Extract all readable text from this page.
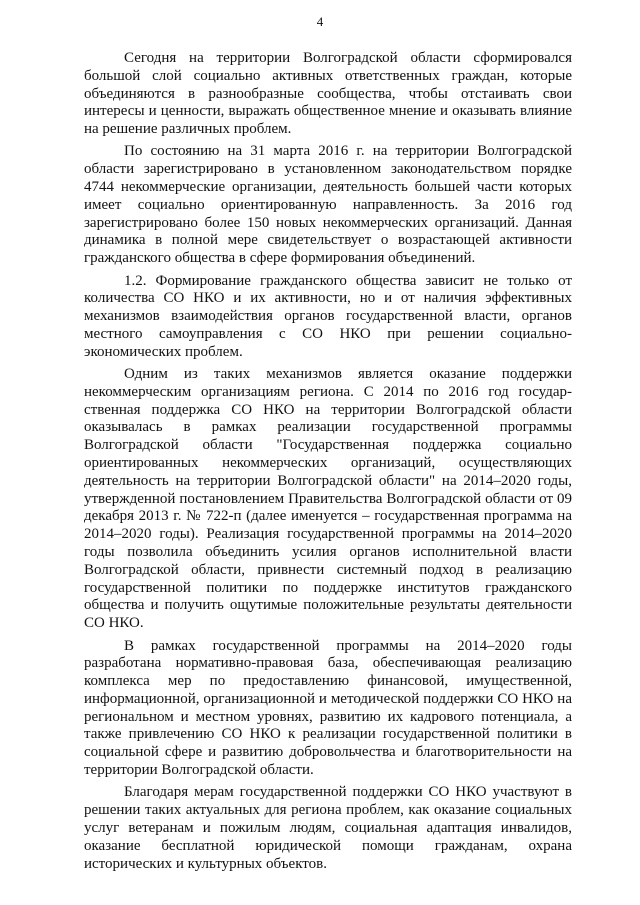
4

Сегодня на территории Волгоградской области сформировался большой слой социально активных ответственных граждан, которые объединяются в разнообразные сообщества, чтобы отстаивать свои интересы и ценности, выражать общественное мнение и оказывать влияние на решение различных проблем.

По состоянию на 31 марта 2016 г. на территории Волгоградской области зарегистрировано в установленном законодательством порядке 4744 некоммерческие организации, деятельность большей части которых имеет социально ориентированную направленность. За 2016 год зарегистрировано более 150 новых некоммерческих организаций. Данная динамика в полной мере свидетельствует о возрастающей активности гражданского общества в сфере формирования объединений.

1.2. Формирование гражданского общества зависит не только от количества СО НКО и их активности, но и от наличия эффективных механизмов взаимодействия органов государственной власти, органов местного самоуправления с СО НКО при решении социально-экономических проблем.

Одним из таких механизмов является оказание поддержки некоммерческим организациям региона. С 2014 по 2016 год государственная поддержка СО НКО на территории Волгоградской области оказывалась в рамках реализации государственной программы Волгоградской области "Государственная поддержка социально ориентированных некоммерческих организаций, осуществляющих деятельность на территории Волгоградской области" на 2014–2020 годы, утвержденной постановлением Правительства Волгоградской области от 09 декабря 2013 г. № 722-п (далее именуется – государственная программа на 2014–2020 годы). Реализация государственной программы на 2014–2020 годы позволила объединить усилия органов исполнительной власти Волгоградской области, привнести системный подход в реализацию государственной политики по поддержке институтов гражданского общества и получить ощутимые положительные результаты деятельности СО НКО.

В рамках государственной программы на 2014–2020 годы разработана нормативно-правовая база, обеспечивающая реализацию комплекса мер по предоставлению финансовой, имущественной, информационной, организационной и методической поддержки СО НКО на региональном и местном уровнях, развитию их кадрового потенциала, а также привлечению СО НКО к реализации государственной политики в социальной сфере и развитию добровольчества и благотворительности на территории Волгоградской области.

Благодаря мерам государственной поддержки СО НКО участвуют в решении таких актуальных для региона проблем, как оказание социальных услуг ветеранам и пожилым людям, социальная адаптация инвалидов, оказание бесплатной юридической помощи гражданам, охрана исторических и культурных объектов.
